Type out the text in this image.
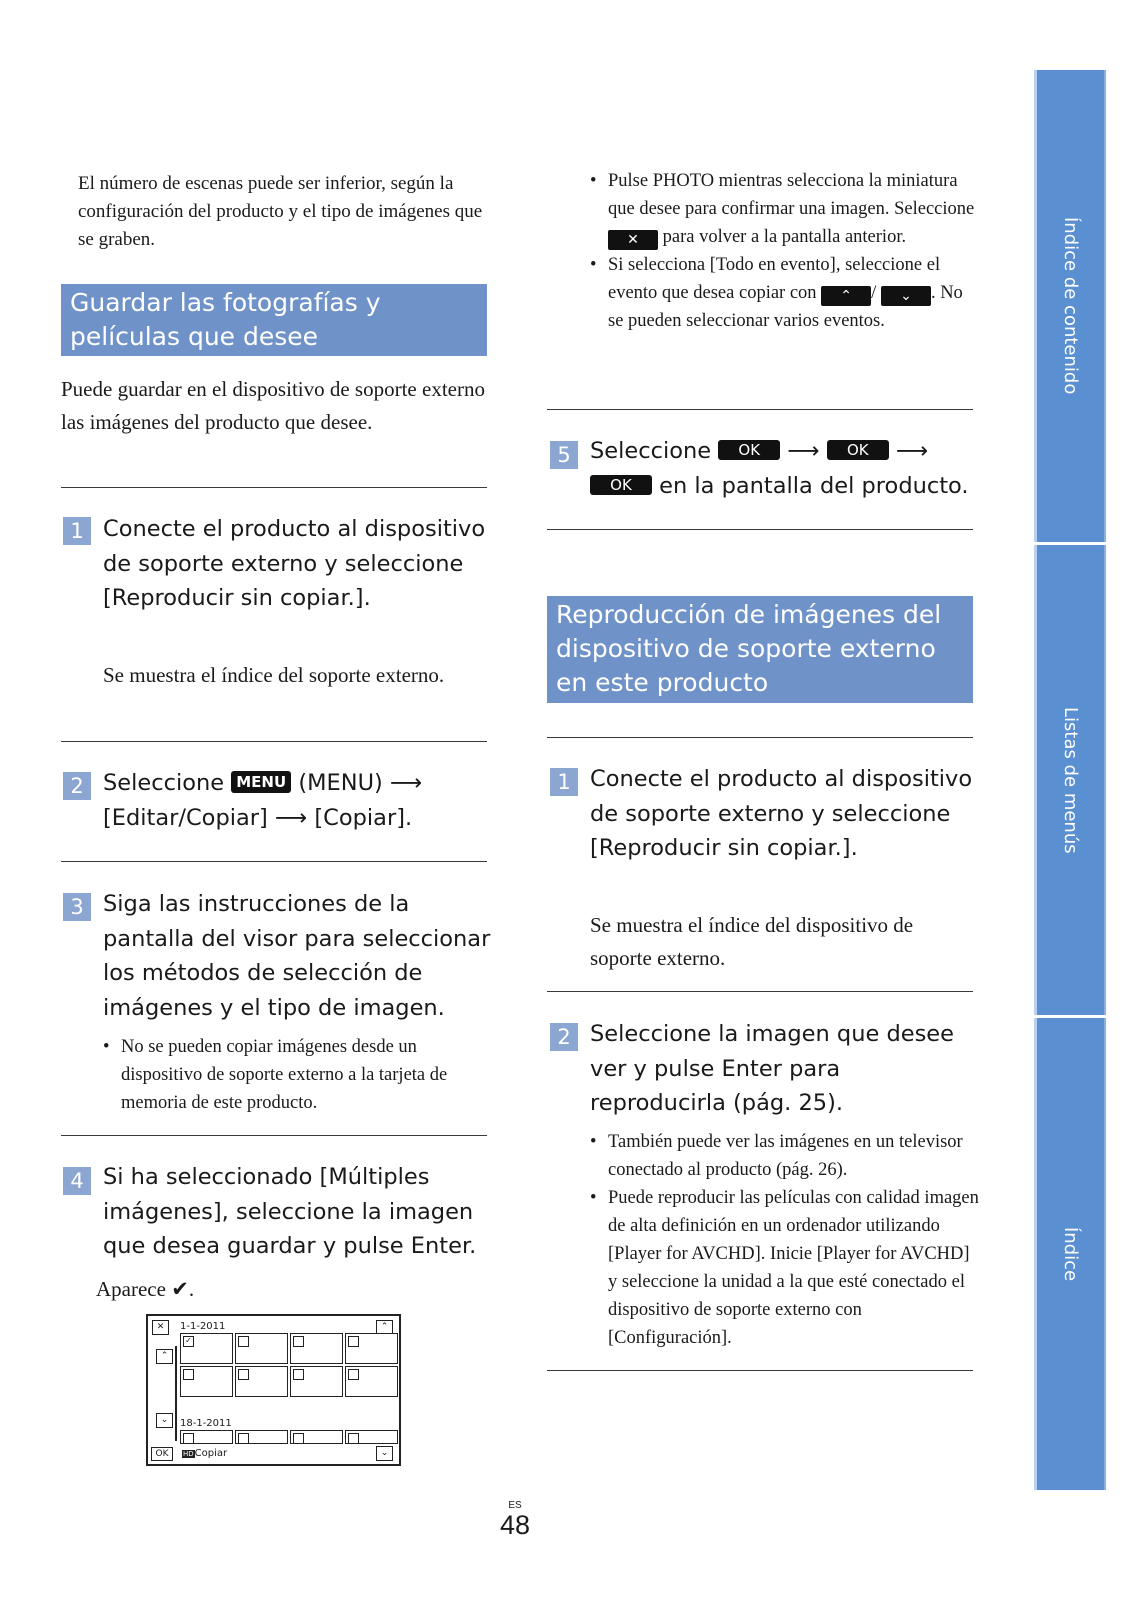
El número de escenas puede ser inferior, según la configuración del producto y el tipo de imágenes que se graben.
Guardar las fotografías y películas que desee
Puede guardar en el dispositivo de soporte externo las imágenes del producto que desee.
1 Conecte el producto al dispositivo de soporte externo y seleccione [Reproducir sin copiar.].
Se muestra el índice del soporte externo.
2 Seleccione MENU (MENU) ⟶
[Editar/Copiar] ⟶ [Copiar].
3 Siga las instrucciones de la pantalla del visor para seleccionar los métodos de selección de imágenes y el tipo de imagen.
• No se pueden copiar imágenes desde un dispositivo de soporte externo a la tarjeta de memoria de este producto.
4 Si ha seleccionado [Múltiples imágenes], seleccione la imagen que desea guardar y pulse Enter.
Aparece ✔.
✕	1-1-2011	⌃
⌃
⌄
✓
18-1-2011
OK	HDCopiar	⌄
• Pulse PHOTO mientras selecciona la miniatura que desee para confirmar una imagen. Seleccione ✕ para volver a la pantalla anterior.
• Si selecciona [Todo en evento], seleccione el evento que desea copiar con ⌃ / ⌄ . No se pueden seleccionar varios eventos.
5 Seleccione OK ⟶ OK ⟶
OK en la pantalla del producto.
Reproducción de imágenes del dispositivo de soporte externo en este producto
1 Conecte el producto al dispositivo de soporte externo y seleccione [Reproducir sin copiar.].
Se muestra el índice del dispositivo de soporte externo.
2 Seleccione la imagen que desee ver y pulse Enter para reproducirla (pág. 25).
• También puede ver las imágenes en un televisor conectado al producto (pág. 26).
• Puede reproducir las películas con calidad imagen de alta definición en un ordenador utilizando [Player for AVCHD]. Inicie [Player for AVCHD] y seleccione la unidad a la que esté conectado el dispositivo de soporte externo con [Configuración].
Índice de contenido
Listas de menús
Índice
ES
48
